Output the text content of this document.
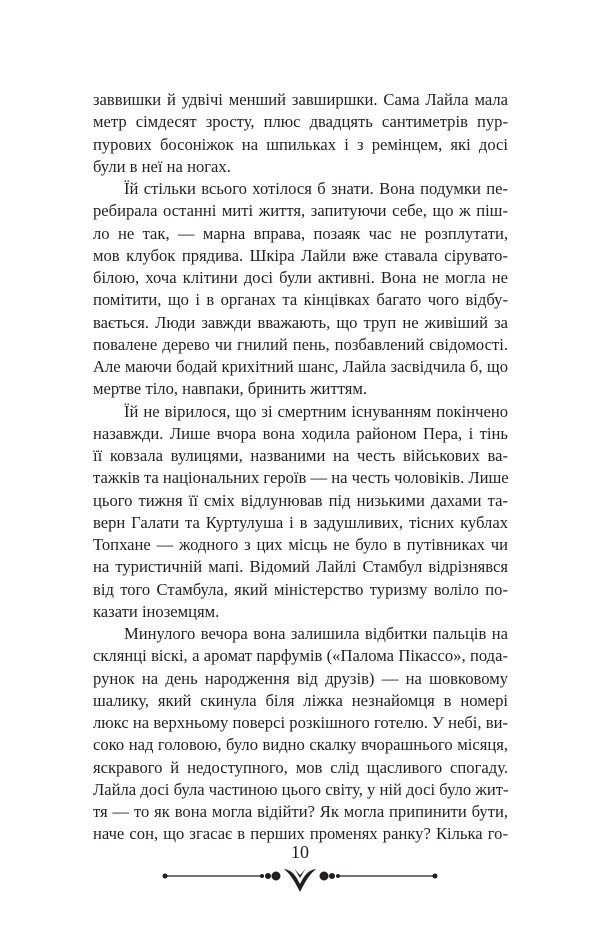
заввишки й удвічі менший завширшки. Сама Лайла мала
метр сімдесят зросту, плюс двадцять сантиметрів пур-
пурових босоніжок на шпильках і з ремінцем, які досі
були в неї на ногах.
Їй стільки всього хотілося б знати. Вона подумки пе-
ребирала останні миті життя, запитуючи себе, що ж піш-
ло не так, — марна вправа, позаяк час не розплутати,
мов клубок прядива. Шкіра Лайли вже ставала сірувато-
білою, хоча клітини досі були активні. Вона не могла не
помітити, що і в органах та кінцівках багато чого відбу-
вається. Люди завжди вважають, що труп не живіший за
повалене дерево чи гнилий пень, позбавлений свідомості.
Але маючи бодай крихітний шанс, Лайла засвідчила б, що
мертве тіло, навпаки, бринить життям.
Їй не вірилося, що зі смертним існуванням покінчено
назавжди. Лише вчора вона ходила районом Пера, і тінь
її ковзала вулицями, названими на честь військових ва-
тажків та національних героїв — на честь чоловіків. Лише
цього тижня її сміх відлунював під низькими дахами та-
верн Галати та Куртулуша і в задушливих, тісних кублах
Топхане — жодного з цих місць не було в путівниках чи
на туристичній мапі. Відомий Лайлі Стамбул відрізнявся
від того Стамбула, який міністерство туризму воліло по-
казати іноземцям.
Минулого вечора вона залишила відбитки пальців на
склянці віскі, а аромат парфумів («Палома Пікассо», пода-
рунок на день народження від друзів) — на шовковому
шалику, який скинула біля ліжка незнайомця в номері
люкс на верхньому поверсі розкішного готелю. У небі, ви-
соко над головою, було видно скалку вчорашнього місяця,
яскравого й недоступного, мов слід щасливого спогаду.
Лайла досі була частиною цього світу, у ній досі було жит-
тя — то як вона могла відійти? Як могла припинити бути,
наче сон, що згасає в перших променях ранку? Кілька го-
10
